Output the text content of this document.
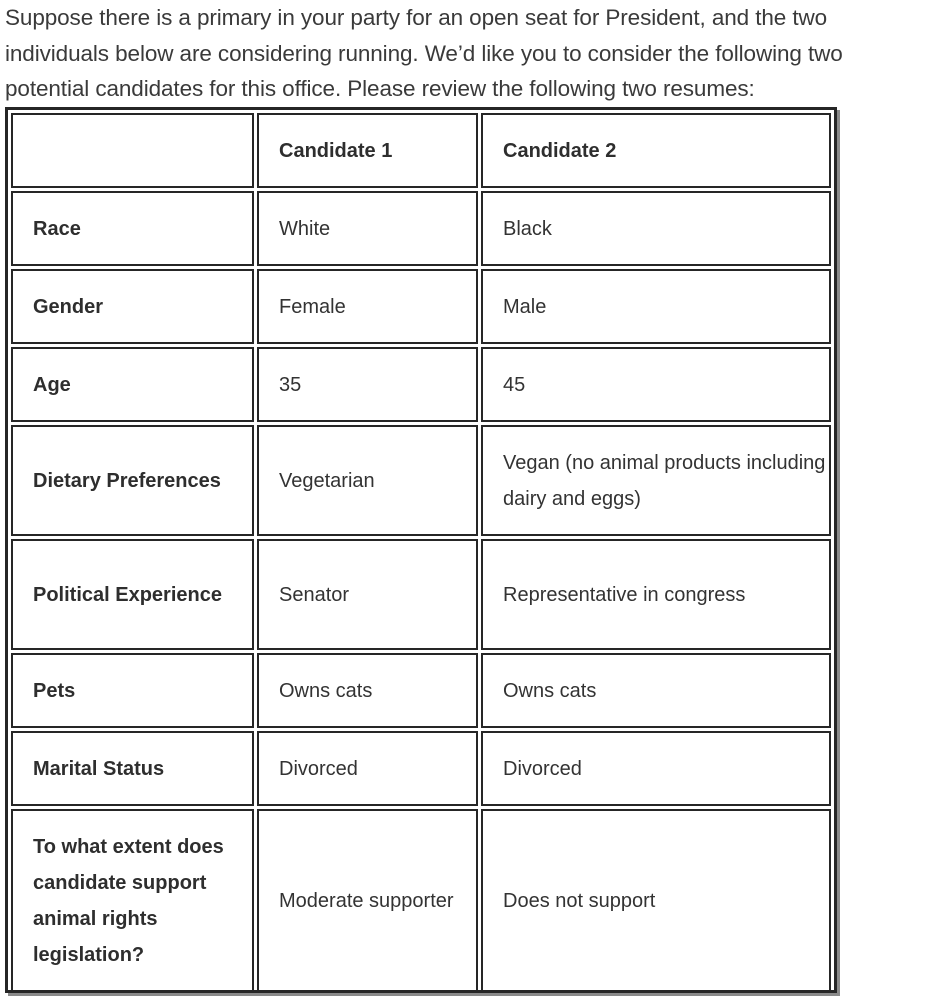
Suppose there is a primary in your party for an open seat for President, and the two individuals below are considering running. We’d like you to consider the following two potential candidates for this office. Please review the following two resumes:

	Candidate 1	Candidate 2
Race	White	Black
Gender	Female	Male
Age	35	45
Dietary Preferences	Vegetarian	Vegan (no animal products including dairy and eggs)
Political Experience	Senator	Representative in congress
Pets	Owns cats	Owns cats
Marital Status	Divorced	Divorced
To what extent does candidate support animal rights legislation?	Moderate supporter	Does not support
